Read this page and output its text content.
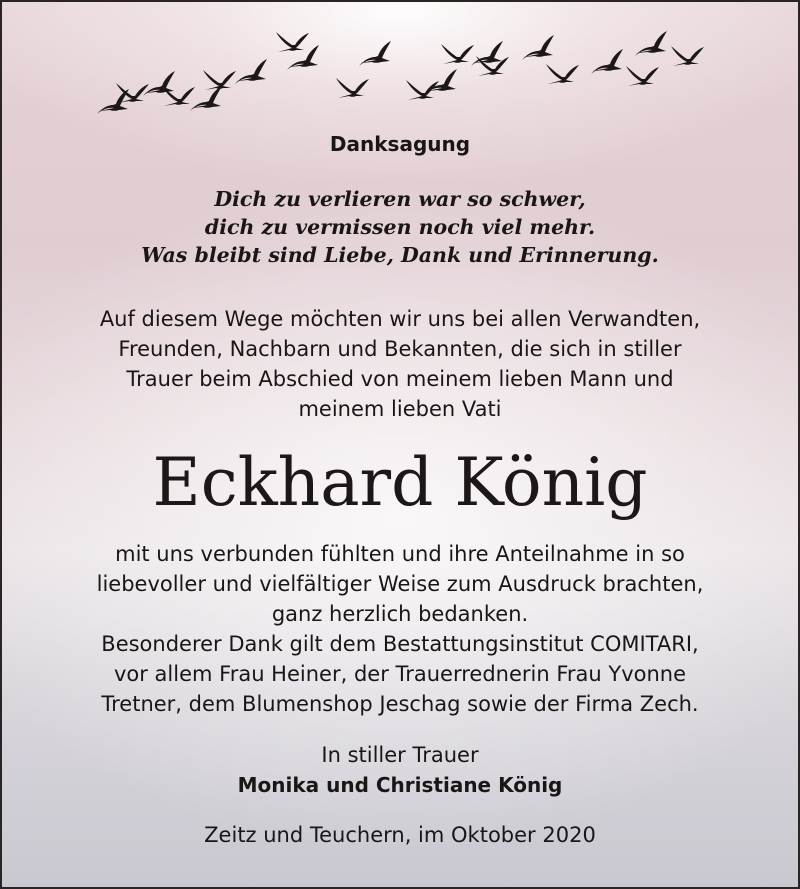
Danksagung
Dich zu verlieren war so schwer,
dich zu vermissen noch viel mehr.
Was bleibt sind Liebe, Dank und Erinnerung.
Auf diesem Wege möchten wir uns bei allen Verwandten,
Freunden, Nachbarn und Bekannten, die sich in stiller
Trauer beim Abschied von meinem lieben Mann und
meinem lieben Vati
Eckhard König
mit uns verbunden fühlten und ihre Anteilnahme in so
liebevoller und vielfältiger Weise zum Ausdruck brachten,
ganz herzlich bedanken.
Besonderer Dank gilt dem Bestattungsinstitut COMITARI,
vor allem Frau Heiner, der Trauerrednerin Frau Yvonne
Tretner, dem Blumenshop Jeschag sowie der Firma Zech.
In stiller Trauer
Monika und Christiane König
Zeitz und Teuchern, im Oktober 2020
